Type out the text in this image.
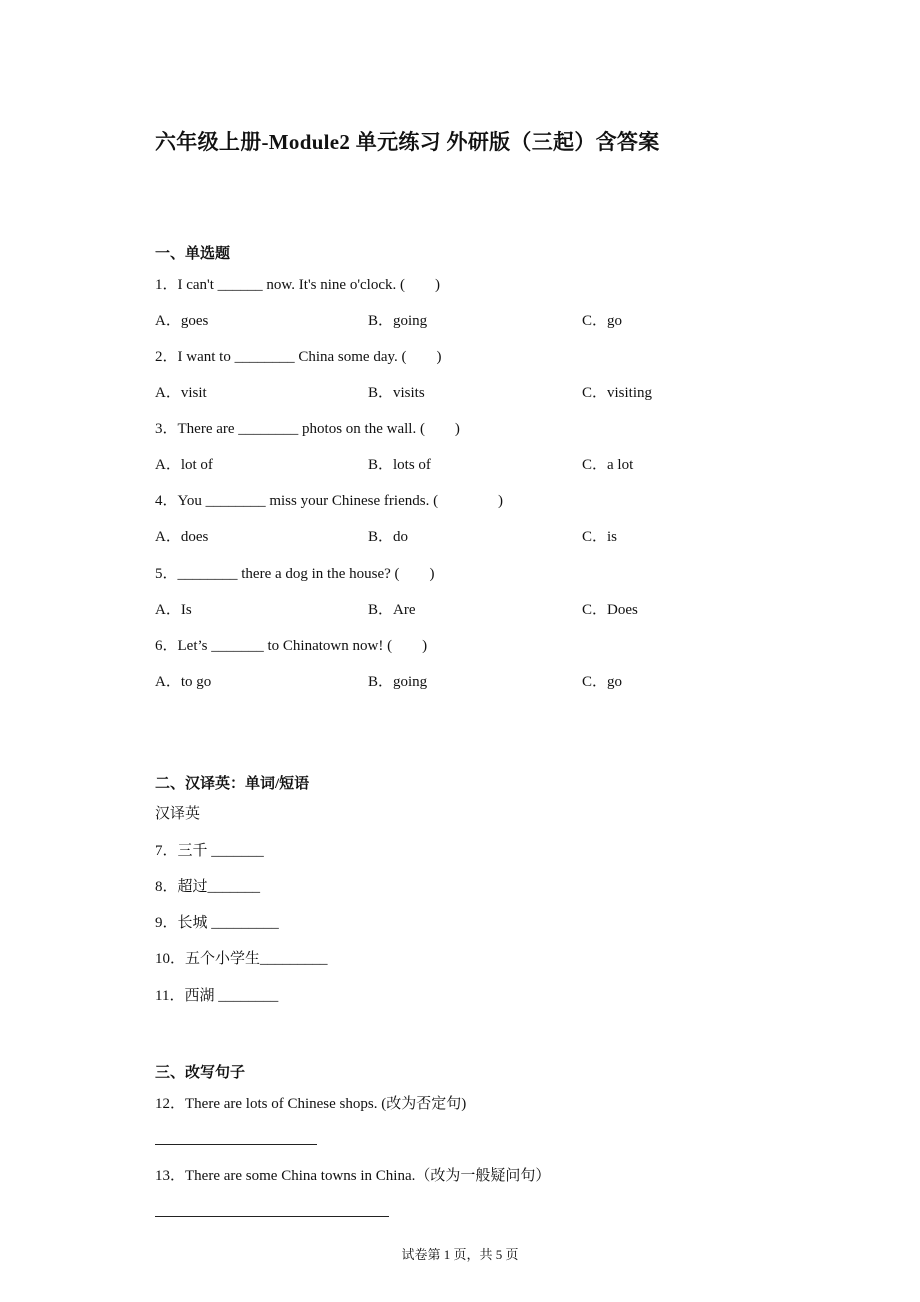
六年级上册-Module2 单元练习 外研版（三起）含答案
一、单选题
1．I can't ______ now. It's nine o'clock. (　　)
A．goes	B．going	C．go
2．I want to ________ China some day. (　　)
A．visit	B．visits	C．visiting
3．There are ________ photos on the wall. (　　)
A．lot of	B．lots of	C．a lot
4．You ________ miss your Chinese friends. (　　　　)
A．does	B．do	C．is
5．________ there a dog in the house? (　　)
A．Is	B．Are	C．Does
6．Let’s _______ to Chinatown now! (　　)
A．to go	B．going	C．go
二、汉译英：单词/短语
汉译英
7．三千 _______
8．超过_______
9．长城 _________
10．五个小学生_________
11．西湖 ________
三、改写句子
12．There are lots of Chinese shops. (改为否定句)
13．There are some China towns in China.（改为一般疑问句）
试卷第 1 页，共 5 页
